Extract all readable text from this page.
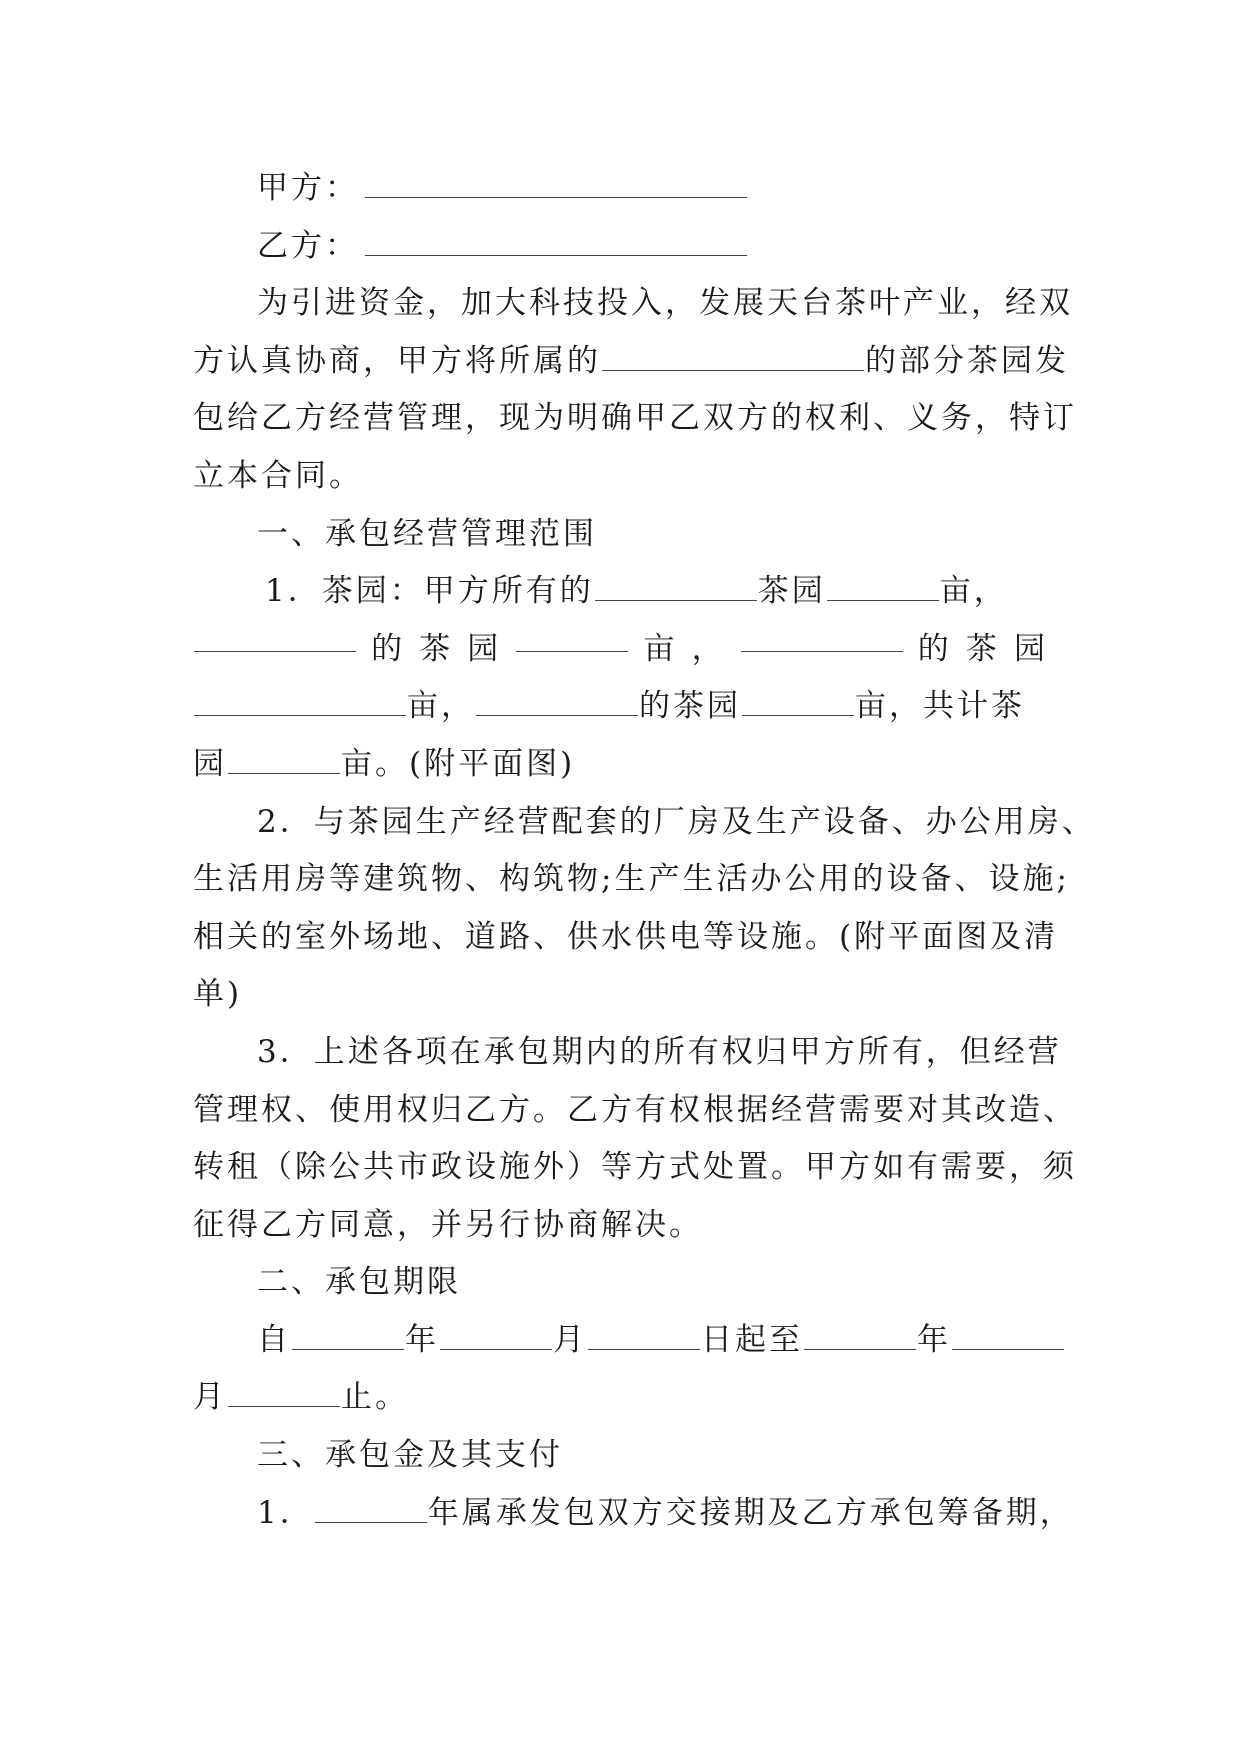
甲方：
乙方：
为引进资金，加大科技投入，发展天台茶叶产业，经双
方认真协商，甲方将所属的	的部分茶园发
包给乙方经营管理，现为明确甲乙双方的权利、义务，特订
立本合同。
一、承包经营管理范围
1．茶园：甲方所有的	茶园	亩，
的 茶 园	亩 ，	的 茶 园
亩，	的茶园	亩，共计茶
园	亩。(附平面图)
2．与茶园生产经营配套的厂房及生产设备、办公用房、
生活用房等建筑物、构筑物;生产生活办公用的设备、设施;
相关的室外场地、道路、供水供电等设施。(附平面图及清
单)
3．上述各项在承包期内的所有权归甲方所有，但经营
管理权、使用权归乙方。乙方有权根据经营需要对其改造、
转租（除公共市政设施外）等方式处置。甲方如有需要，须
征得乙方同意，并另行协商解决。
二、承包期限
自	年	月	日起至	年
月	止。
三、承包金及其支付
1．	年属承发包双方交接期及乙方承包筹备期，
